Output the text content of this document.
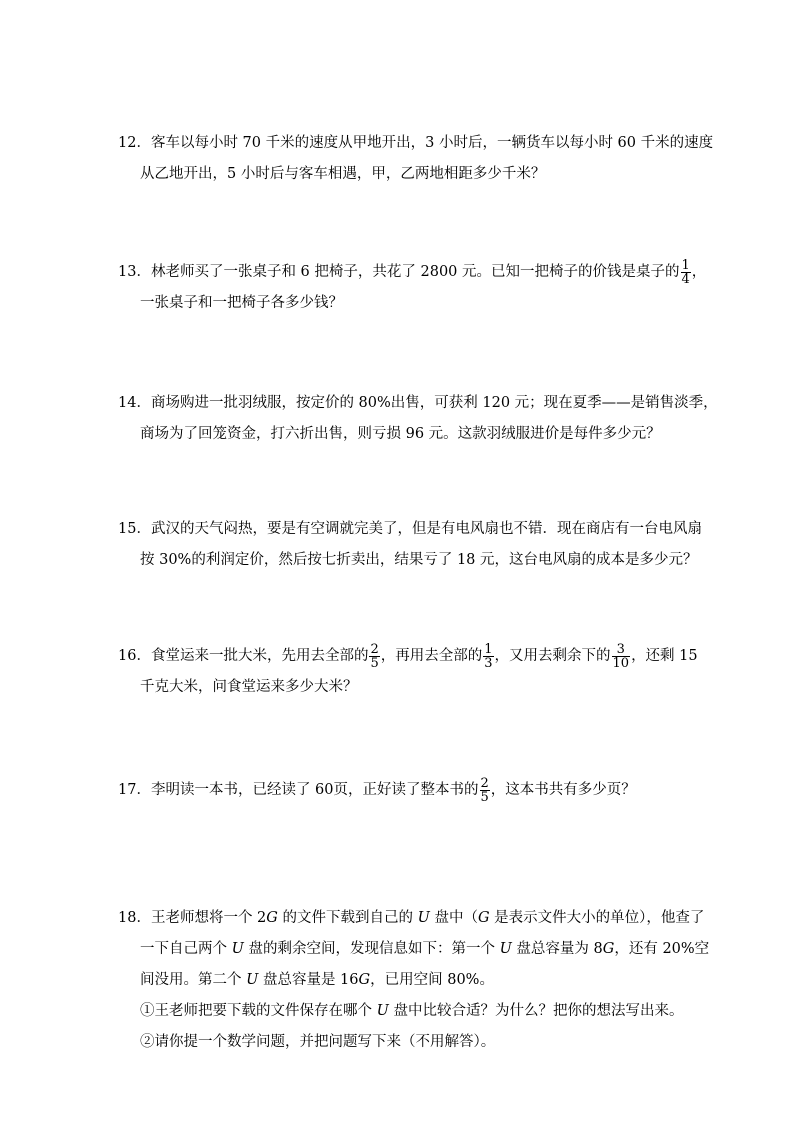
12．客车以每小时 70 千米的速度从甲地开出，3 小时后，一辆货车以每小时 60 千米的速度
从乙地开出，5 小时后与客车相遇，甲，乙两地相距多少千米？
13．林老师买了一张桌子和 6 把椅子，共花了 2800 元。已知一把椅子的价钱是桌子的 $\frac{1}{4}$ ，
一张桌子和一把椅子各多少钱？
14．商场购进一批羽绒服，按定价的 80%出售，可获利 120 元；现在夏季——是销售淡季，
商场为了回笼资金，打六折出售，则亏损 96 元。这款羽绒服进价是每件多少元？
15．武汉的天气闷热，要是有空调就完美了，但是有电风扇也不错．现在商店有一台电风扇
按 30%的利润定价，然后按七折卖出，结果亏了 18 元，这台电风扇的成本是多少元？
16．食堂运来一批大米，先用去全部的 $\frac{2}{5}$ ，再用去全部的 $\frac{1}{3}$ ，又用去剩余下的 $\frac{3}{10}$ ，还剩 15
千克大米，问食堂运来多少大米？
17．李明读一本书，已经读了 60页，正好读了整本书的 $\frac{2}{5}$ ，这本书共有多少页？
18．王老师想将一个 2G 的文件下载到自己的 U 盘中（G 是表示文件大小的单位），他查了
一下自己两个 U 盘的剩余空间，发现信息如下：第一个 U 盘总容量为 8G，还有 20%空
间没用。第二个 U 盘总容量是 16G，已用空间 80%。
①王老师把要下载的文件保存在哪个 U 盘中比较合适？为什么？把你的想法写出来。
②请你提一个数学问题，并把问题写下来（不用解答）。
